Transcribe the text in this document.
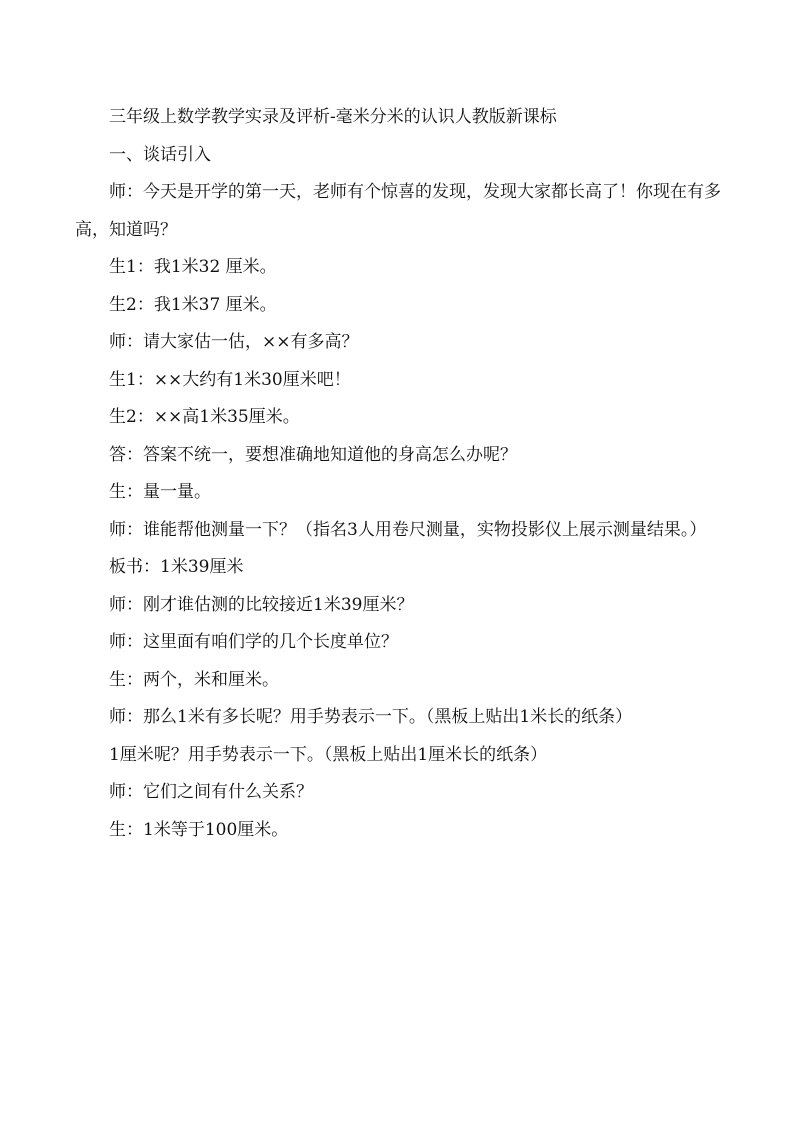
三年级上数学教学实录及评析-毫米分米的认识人教版新课标

一、谈话引入

师：今天是开学的第一天，老师有个惊喜的发现，发现大家都长高了！你现在有多高，知道吗？

生1：我1米32 厘米。

生2：我1米37 厘米。

师：请大家估一估，××有多高？

生1：××大约有1米30厘米吧！

生2：××高1米35厘米。

答：答案不统一，要想准确地知道他的身高怎么办呢？

生：量一量。

师：谁能帮他测量一下？（指名3人用卷尺测量，实物投影仪上展示测量结果。）

板书：1米39厘米

师：刚才谁估测的比较接近1米39厘米？

师：这里面有咱们学的几个长度单位？

生：两个，米和厘米。

师：那么1米有多长呢？用手势表示一下。（黑板上贴出1米长的纸条）

1厘米呢？用手势表示一下。（黑板上贴出1厘米长的纸条）

师：它们之间有什么关系？

生：1米等于100厘米。
